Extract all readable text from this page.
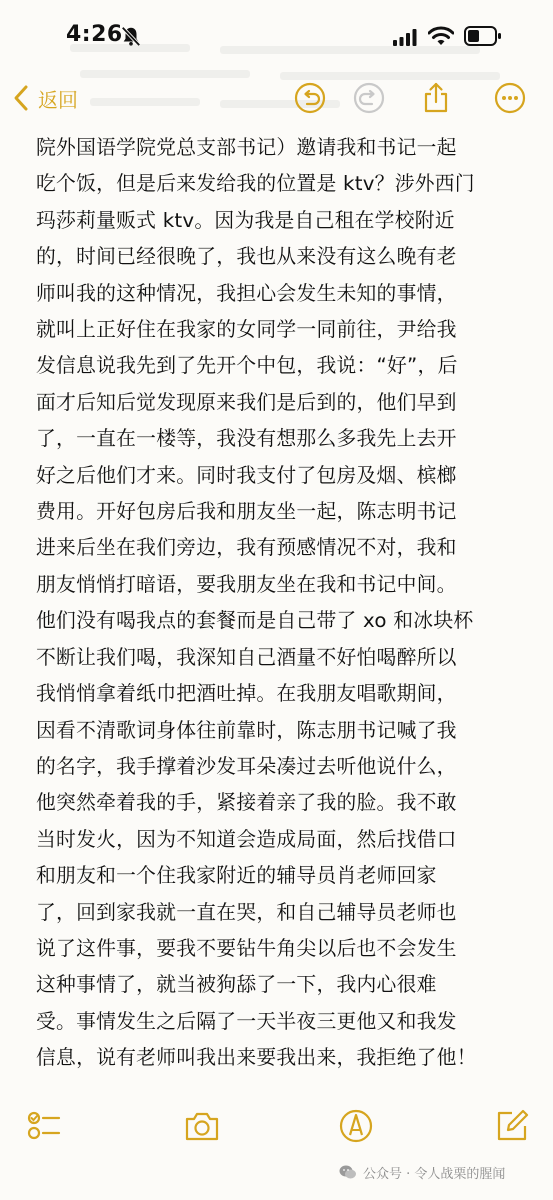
4:26
返回
院外国语学院党总支部书记）邀请我和书记一起
吃个饭，但是后来发给我的位置是 ktv？涉外西门
玛莎莉量贩式 ktv。因为我是自己租在学校附近
的，时间已经很晚了，我也从来没有这么晚有老
师叫我的这种情况，我担心会发生未知的事情，
就叫上正好住在我家的女同学一同前往，尹给我
发信息说我先到了先开个中包，我说：“好”，后
面才后知后觉发现原来我们是后到的，他们早到
了，一直在一楼等，我没有想那么多我先上去开
好之后他们才来。同时我支付了包房及烟、槟榔
费用。开好包房后我和朋友坐一起，陈志明书记
进来后坐在我们旁边，我有预感情况不对，我和
朋友悄悄打暗语，要我朋友坐在我和书记中间。
他们没有喝我点的套餐而是自己带了 xo 和冰块杯
不断让我们喝，我深知自己酒量不好怕喝醉所以
我悄悄拿着纸巾把酒吐掉。在我朋友唱歌期间，
因看不清歌词身体往前靠时，陈志朋书记喊了我
的名字，我手撑着沙发耳朵凑过去听他说什么，
他突然牵着我的手，紧接着亲了我的脸。我不敢
当时发火，因为不知道会造成局面，然后找借口
和朋友和一个住我家附近的辅导员肖老师回家
了，回到家我就一直在哭，和自己辅导员老师也
说了这件事，要我不要钻牛角尖以后也不会发生
这种事情了，就当被狗舔了一下，我内心很难
受。事情发生之后隔了一天半夜三更他又和我发
信息，说有老师叫我出来要我出来，我拒绝了他！
公众号 · 令人战栗的腥闻
